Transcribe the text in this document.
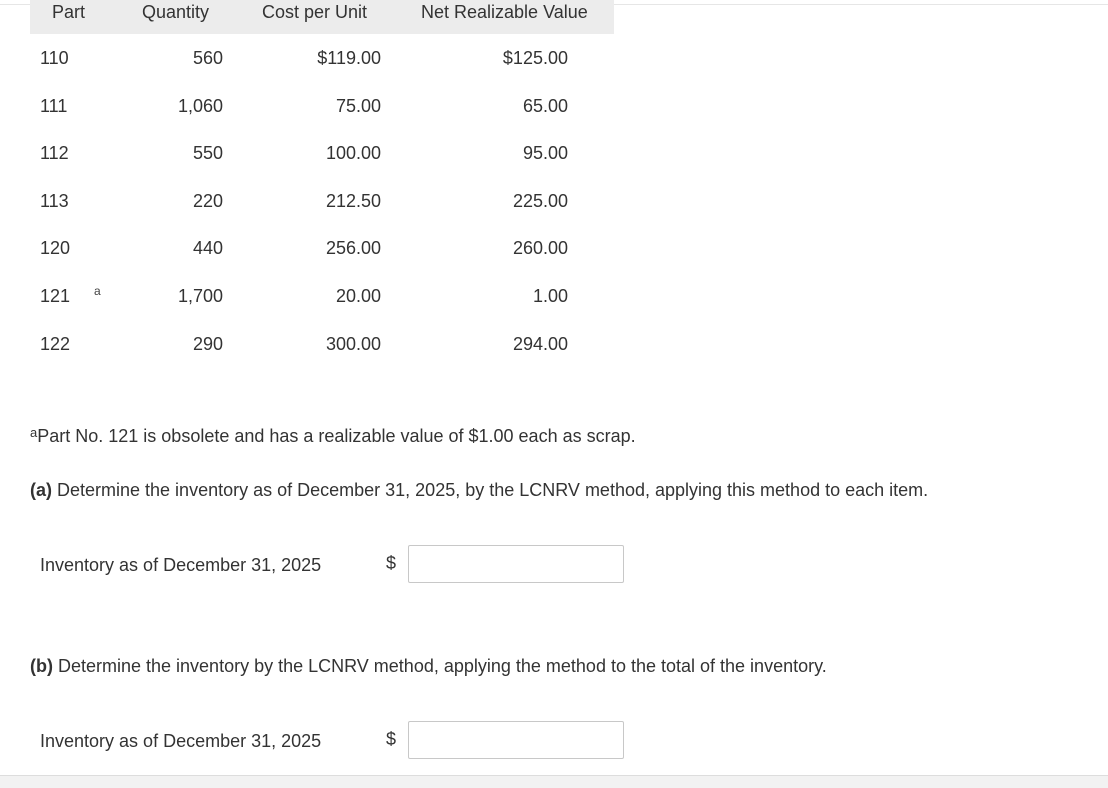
Part	Quantity	Cost per Unit	Net Realizable Value
110	560	$119.00	$125.00
111	1,060	75.00	65.00
112	550	100.00	95.00
113	220	212.50	225.00
120	440	256.00	260.00
121 a	1,700	20.00	1.00
122	290	300.00	294.00
$^a$Part No. 121 is obsolete and has a realizable value of $1.00 each as scrap.
(a) Determine the inventory as of December 31, 2025, by the LCNRV method, applying this method to each item.
Inventory as of December 31, 2025	$
(b) Determine the inventory by the LCNRV method, applying the method to the total of the inventory.
Inventory as of December 31, 2025	$
